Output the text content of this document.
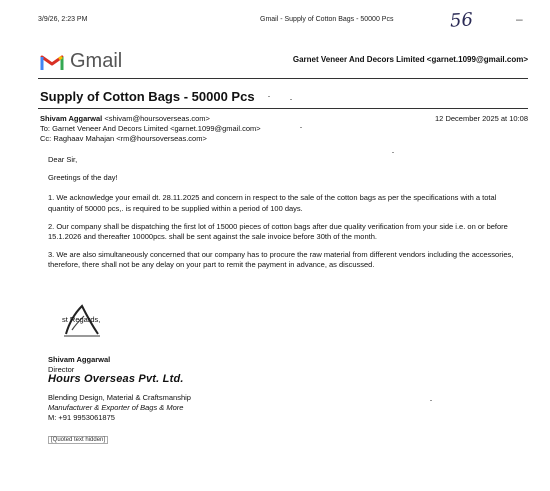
3/9/26, 2:23 PM	Gmail - Supply of Cotton Bags - 50000 Pcs	56	–
Gmail	Garnet Veneer And Decors Limited <garnet.1099@gmail.com>
Supply of Cotton Bags - 50000 Pcs
Shivam Aggarwal <shivam@hoursoverseas.com>
To: Garnet Veneer And Decors Limited <garnet.1099@gmail.com>
Cc: Raghaav Mahajan <rm@hoursoverseas.com>
12 December 2025 at 10:08

Dear Sir,

Greetings of the day!

1. We acknowledge your email dt. 28.11.2025 and concern in respect to the sale of the cotton bags as per the specifications with a total quantity of 50000 pcs,. is required to be supplied within a period of 100 days.

2. Our company shall be dispatching the first lot of 15000 pieces of cotton bags after due quality verification from your side i.e. on or before 15.1.2026 and thereafter 10000pcs. shall be sent against the sale invoice before 30th of the month.

3. We are also simultaneously concerned that our company has to procure the raw material from different vendors including the accessories, therefore, there shall not be any delay on your part to remit the payment in advance, as discussed.

st Regards,
Shivam Aggarwal
Director
Hours Overseas Pvt. Ltd.
Blending Design, Material & Craftsmanship
Manufacturer & Exporter of Bags & More
M: +91 9953061875
[Quoted text hidden]
